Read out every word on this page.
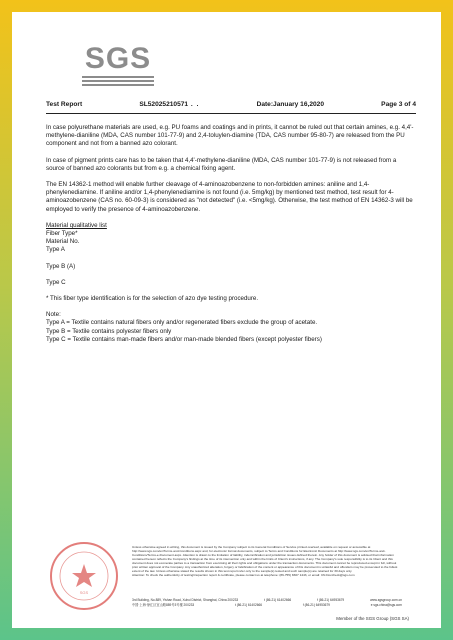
SGS
Test Report	SL52025210571 . .	Date:January 16,2020	Page 3 of 4

In case polyurethane materials are used, e.g. PU foams and coatings and in prints, it cannot be ruled out that certain amines, e.g. 4,4'-methylene-dianiline (MDA, CAS number 101-77-9) and 2,4-toluylen-diamine (TDA, CAS number 95-80-7) are released from the PU component and not from a banned azo colorant.

In case of pigment prints care has to be taken that 4,4'-methylene-dianiline (MDA, CAS number 101-77-9) is not released from a source of banned azo colorants but from e.g. a chemical fixing agent.

The EN 14362-1 method will enable further cleavage of 4-aminoazobenzene to non-forbidden amines: aniline and 1,4-phenylenediamine. If aniline and/or 1,4-phenylenediamine is not found (i.e. 5mg/kg) by mentioned test method, test result for 4-aminoazobenzene (CAS no. 60-09-3) is considered as "not detected" (i.e. <5mg/kg). Otherwise, the test method of EN 14362-3 will be employed to verify the presence of 4-aminoazobenzene.

Material qualitative list
Fiber Type*
Material No.
Type A
Type B (A)
Type C
* This fiber type identification is for the selection of azo dye testing procedure.
Note:
Type A = Textile contains natural fibers only and/or regenerated fibers exclude the group of acetate.
Type B = Textile contains polyester fibers only
Type C = Textile contains man-made fibers and/or man-made blended fibers (except polyester fibers)
SGS
Unless otherwise agreed in writing, this document is issued by the Company subject to its General Conditions of Service printed overleaf, available on request or accessible at http://www.sgs.com/en/Terms-and-Conditions.aspx and, for electronic format documents, subject to Terms and Conditions for Electronic Documents at http://www.sgs.com/en/Terms-and-Conditions/Terms-e-Document.aspx. Attention is drawn to the limitation of liability, indemnification and jurisdiction issues defined therein. Any holder of this document is advised that information contained hereon reflects the Company's findings at the time of its intervention only and within the limits of Client's instructions, if any. The Company's sole responsibility is to its Client and this document does not exonerate parties to a transaction from exercising all their rights and obligations under the transaction documents. This document cannot be reproduced except in full, without prior written approval of the Company. Any unauthorized alteration, forgery or falsification of the content or appearance of this document is unlawful and offenders may be prosecuted to the fullest extent of the law. Unless otherwise stated the results shown in this test report refer only to the sample(s) tested and such sample(s) are retained for 30 days only.
Attention: To check the authenticity of testing/inspection report & certificate, please contact us at telephone: (86-755) 8307 1443, or email: CN.Doccheck@sgs.com
3rd Building, No.889, Yishan Road, Xuhui District, Shanghai, China 200233	t (86-21) 61402666	f (86-21) 64953679	www.sgsgroup.com.cn
中国·上海·徐汇区宜山路889号3号楼 200233	t (86-21) 61402666	f (86-21) 64953679	e sgs.china@sgs.com
Member of the SGS Group (SGS SA)
